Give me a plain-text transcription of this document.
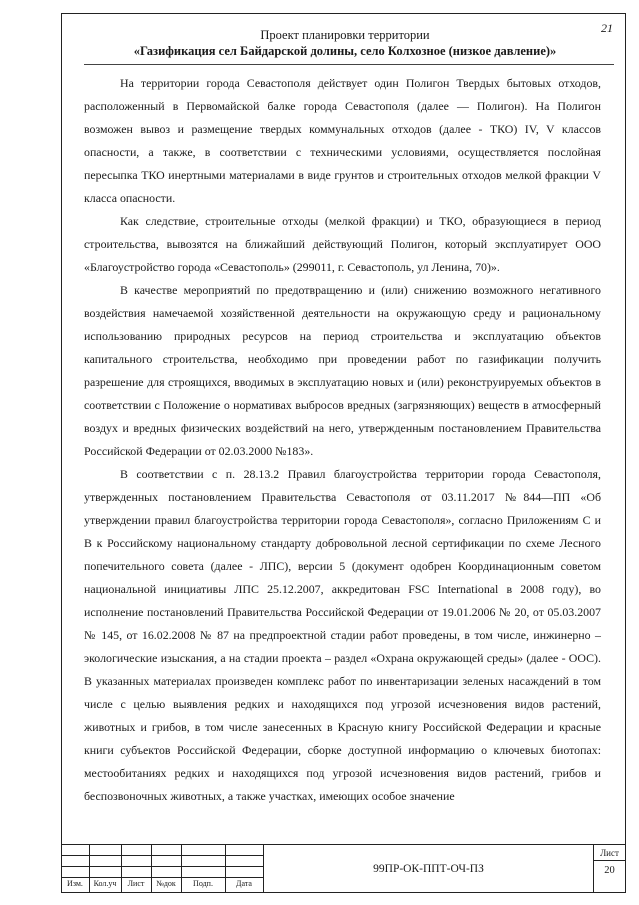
21
Проект планировки территории
«Газификация сел Байдарской долины, село Колхозное (низкое давление)»

На территории города Севастополя действует один Полигон Твердых бытовых отходов, расположенный в Первомайской балке города Севастополя (далее — Полигон). На Полигон возможен вывоз и размещение твердых коммунальных отходов (далее - ТКО) IV, V классов опасности, а также, в соответствии с техническими условиями, осуществляется послойная пересыпка ТКО инертными материалами в виде грунтов и строительных отходов мелкой фракции V класса опасности.

Как следствие, строительные отходы (мелкой фракции) и ТКО, образующиеся в период строительства, вывозятся на ближайший действующий Полигон, который эксплуатирует ООО «Благоустройство города «Севастополь» (299011, г. Севастополь, ул Ленина, 70)».

В качестве мероприятий по предотвращению и (или) снижению возможного негативного воздействия намечаемой хозяйственной деятельности на окружающую среду и рациональному использованию природных ресурсов на период строительства и эксплуатацию объектов капитального строительства, необходимо при проведении работ по газификации получить разрешение для строящихся, вводимых в эксплуатацию новых и (или) реконструируемых объектов в соответствии с Положение о нормативах выбросов вредных (загрязняющих) веществ в атмосферный воздух и вредных физических воздействий на него, утвержденным постановлением Правительства Российской Федерации от 02.03.2000 №183».

В соответствии с п. 28.13.2 Правил благоустройства территории города Севастополя, утвержденных постановлением Правительства Севастополя от 03.11.2017 №844—ПП «Об утверждении правил благоустройства территории города Севастополя», согласно Приложениям С и В к Российскому национальному стандарту добровольной лесной сертификации по схеме Лесного попечительного совета (далее - ЛПС), версии 5 (документ одобрен Координационным советом национальной инициативы ЛПС 25.12.2007, аккредитован FSC International в 2008 году), во исполнение постановлений Правительства Российской Федерации от 19.01.2006 № 20, от 05.03.2007 № 145, от 16.02.2008 № 87 на предпроектной стадии работ проведены, в том числе, инжинерно – экологические изыскания, а на стадии проекта – раздел «Охрана окружающей среды» (далее - ООС). В указанных материалах произведен комплекс работ по инвентаризации зеленых насаждений в том числе с целью выявления редких и находящихся под угрозой исчезновения видов растений, животных и грибов, в том числе занесенных в Красную книгу Российской Федерации и красные книги субъектов Российской Федерации, сборке доступной информацию о ключевых биотопах: местообитаниях редких и находящихся под угрозой исчезновения видов растений, грибов и беспозвоночных животных, а также участках, имеющих особое значение

Изм.	Кол.уч	Лист	№док	Подп.	Дата
99ПР-ОК-ППТ-ОЧ-ПЗ
Лист
20
